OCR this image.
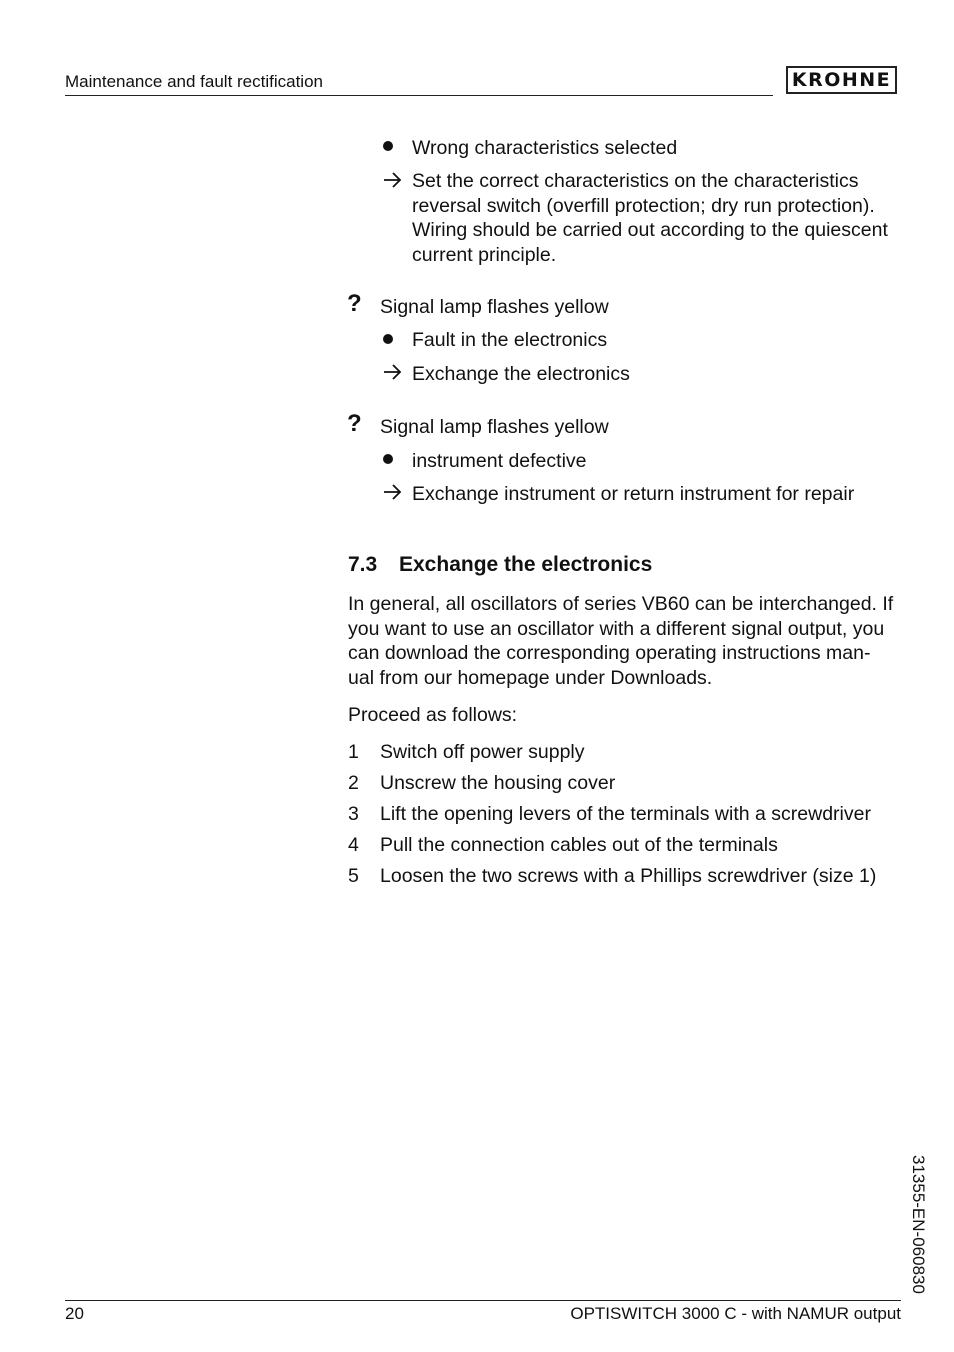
Maintenance and fault rectification	KROHNE
Wrong characteristics selected
Set the correct characteristics on the characteristics
reversal switch (overfill protection; dry run protection).
Wiring should be carried out according to the quiescent
current principle.
? Signal lamp flashes yellow
Fault in the electronics
Exchange the electronics
? Signal lamp flashes yellow
instrument defective
Exchange instrument or return instrument for repair
7.3 Exchange the electronics
In general, all oscillators of series VB60 can be interchanged. If
you want to use an oscillator with a different signal output, you
can download the corresponding operating instructions man-
ual from our homepage under Downloads.
Proceed as follows:
1 Switch off power supply
2 Unscrew the housing cover
3 Lift the opening levers of the terminals with a screwdriver
4 Pull the connection cables out of the terminals
5 Loosen the two screws with a Phillips screwdriver (size 1)
31355-EN-060830
20	OPTISWITCH 3000 C - with NAMUR output
